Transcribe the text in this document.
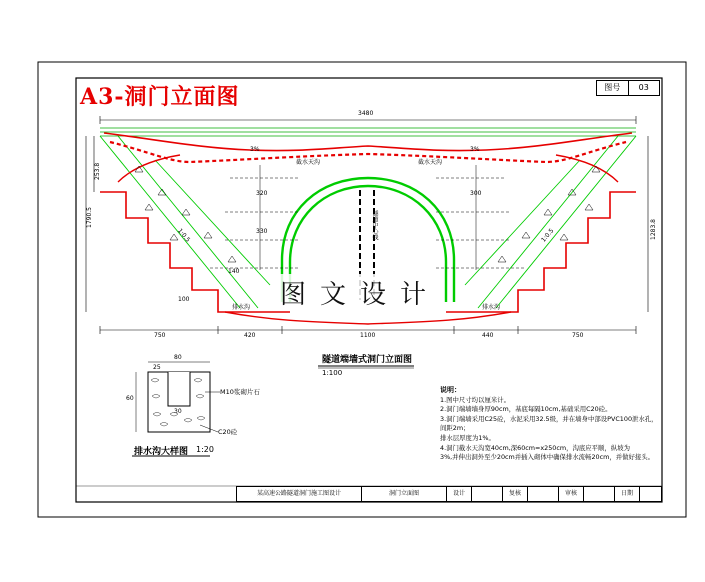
A3-洞门立面图	图号	03
3480
1790.5
1283.8
253.8
750	420	1100	440	750
截水天沟	截水天沟
排水沟	排水沟
隧道中心线
1:0.5	1:0.5
320
330
300
3%	3%
140
100	图文设计
隧道端墙式洞门立面图
1:100
80
30
60
25
M10浆砌片石
C20砼
排水沟大样图 1:20
说明：
1.图中尺寸均以厘米计。
2.洞门端墙墙身厚90cm，基底每隔10cm,基础采用C20砼。
3.洞门端墙采用C25砼，水泥采用32.5级，并在墙身中部设PVC100泄水孔，间距2m；
排水层厚度为1%。
4.洞门截水天沟宽40cm,深60cm=x250cm，沟底应平顺，纵坡为
3%,并伸出洞外至少20cm并插入砌体中确保排水流畅20cm，并做好接头。
某高速公路隧道洞门施工图设计	洞门立面图	设计	复核	审核	日期
